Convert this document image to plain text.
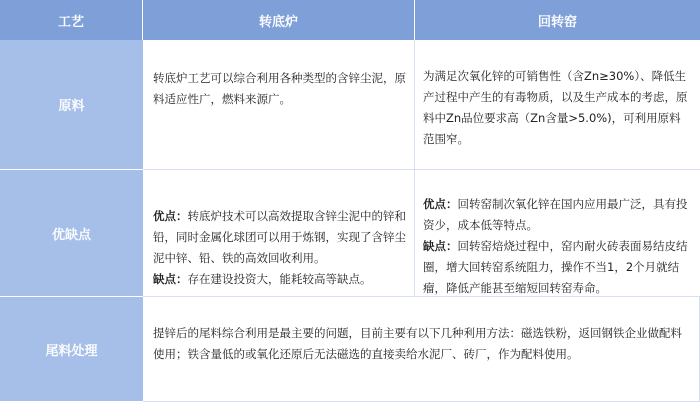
工艺	转底炉	回转窑
原料

转底炉工艺可以综合利用各种类型的含锌尘泥，原料适应性广，燃料来源广。

为满足次氧化锌的可销售性（含Zn≥30%）、降低生产过程中产生的有毒物质，以及生产成本的考虑，原料中Zn品位要求高（Zn含量>5.0%)，可利用原料范围窄。

优缺点
优点：转底炉技术可以高效提取含锌尘泥中的锌和铅，同时金属化球团可以用于炼钢，实现了含锌尘泥中锌、铅、铁的高效回收利用。
缺点：存在建设投资大，能耗较高等缺点。
优点：回转窑制次氧化锌在国内应用最广泛，具有投资少，成本低等特点。
缺点：回转窑焙烧过程中，窑内耐火砖表面易结皮结圈，增大回转窑系统阻力，操作不当1，2个月就结瘤，降低产能甚至缩短回转窑寿命。
尾料处理

提锌后的尾料综合利用是最主要的问题，目前主要有以下几种利用方法：磁选铁粉，返回钢铁企业做配料使用；铁含量低的或氧化还原后无法磁选的直接卖给水泥厂、砖厂，作为配料使用。
